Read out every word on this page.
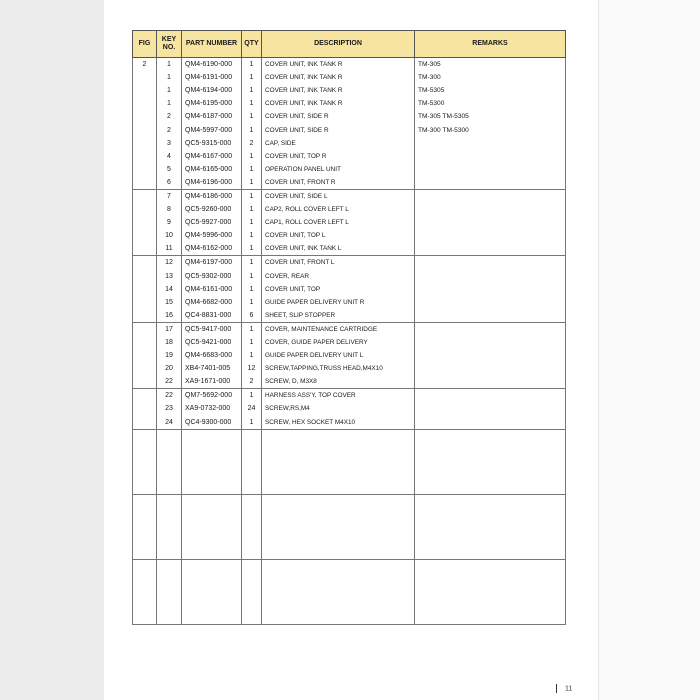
FIG	KEY NO.	PART NUMBER	QTY	DESCRIPTION	REMARKS
2	1	QM4-6190-000	1	COVER UNIT, INK TANK R	TM-305
	1	QM4-6191-000	1	COVER UNIT, INK TANK R	TM-300
	1	QM4-6194-000	1	COVER UNIT, INK TANK R	TM-5305
	1	QM4-6195-000	1	COVER UNIT, INK TANK R	TM-5300
	2	QM4-6187-000	1	COVER UNIT, SIDE R	TM-305 TM-5305
	2	QM4-5997-000	1	COVER UNIT, SIDE R	TM-300 TM-5300
	3	QC5-9315-000	2	CAP, SIDE	
	4	QM4-6167-000	1	COVER UNIT, TOP R	
	5	QM4-6165-000	1	OPERATION PANEL UNIT	
	6	QM4-6196-000	1	COVER UNIT, FRONT R	
	7	QM4-6186-000	1	COVER UNIT, SIDE L	
	8	QC5-9260-000	1	CAP2, ROLL COVER LEFT L	
	9	QC5-9927-000	1	CAP1, ROLL COVER LEFT L	
	10	QM4-5996-000	1	COVER UNIT, TOP L	
	11	QM4-6162-000	1	COVER UNIT, INK TANK L	
	12	QM4-6197-000	1	COVER UNIT, FRONT L	
	13	QC5-9302-000	1	COVER, REAR	
	14	QM4-6161-000	1	COVER UNIT, TOP	
	15	QM4-6682-000	1	GUIDE PAPER DELIVERY UNIT R	
	16	QC4-8831-000	6	SHEET, SLIP STOPPER	
	17	QC5-9417-000	1	COVER, MAINTENANCE CARTRIDGE	
	18	QC5-9421-000	1	COVER, GUIDE PAPER DELIVERY	
	19	QM4-6683-000	1	GUIDE PAPER DELIVERY UNIT L	
	20	XB4-7401-005	12	SCREW,TAPPING,TRUSS HEAD,M4X10	
	22	XA9-1671-000	2	SCREW, D, M3X8	
	22	QM7-5692-000	1	HARNESS ASS'Y, TOP COVER	
	23	XA9-0732-000	24	SCREW,RS,M4	
	24	QC4-9300-000	1	SCREW, HEX SOCKET M4X10	

11
